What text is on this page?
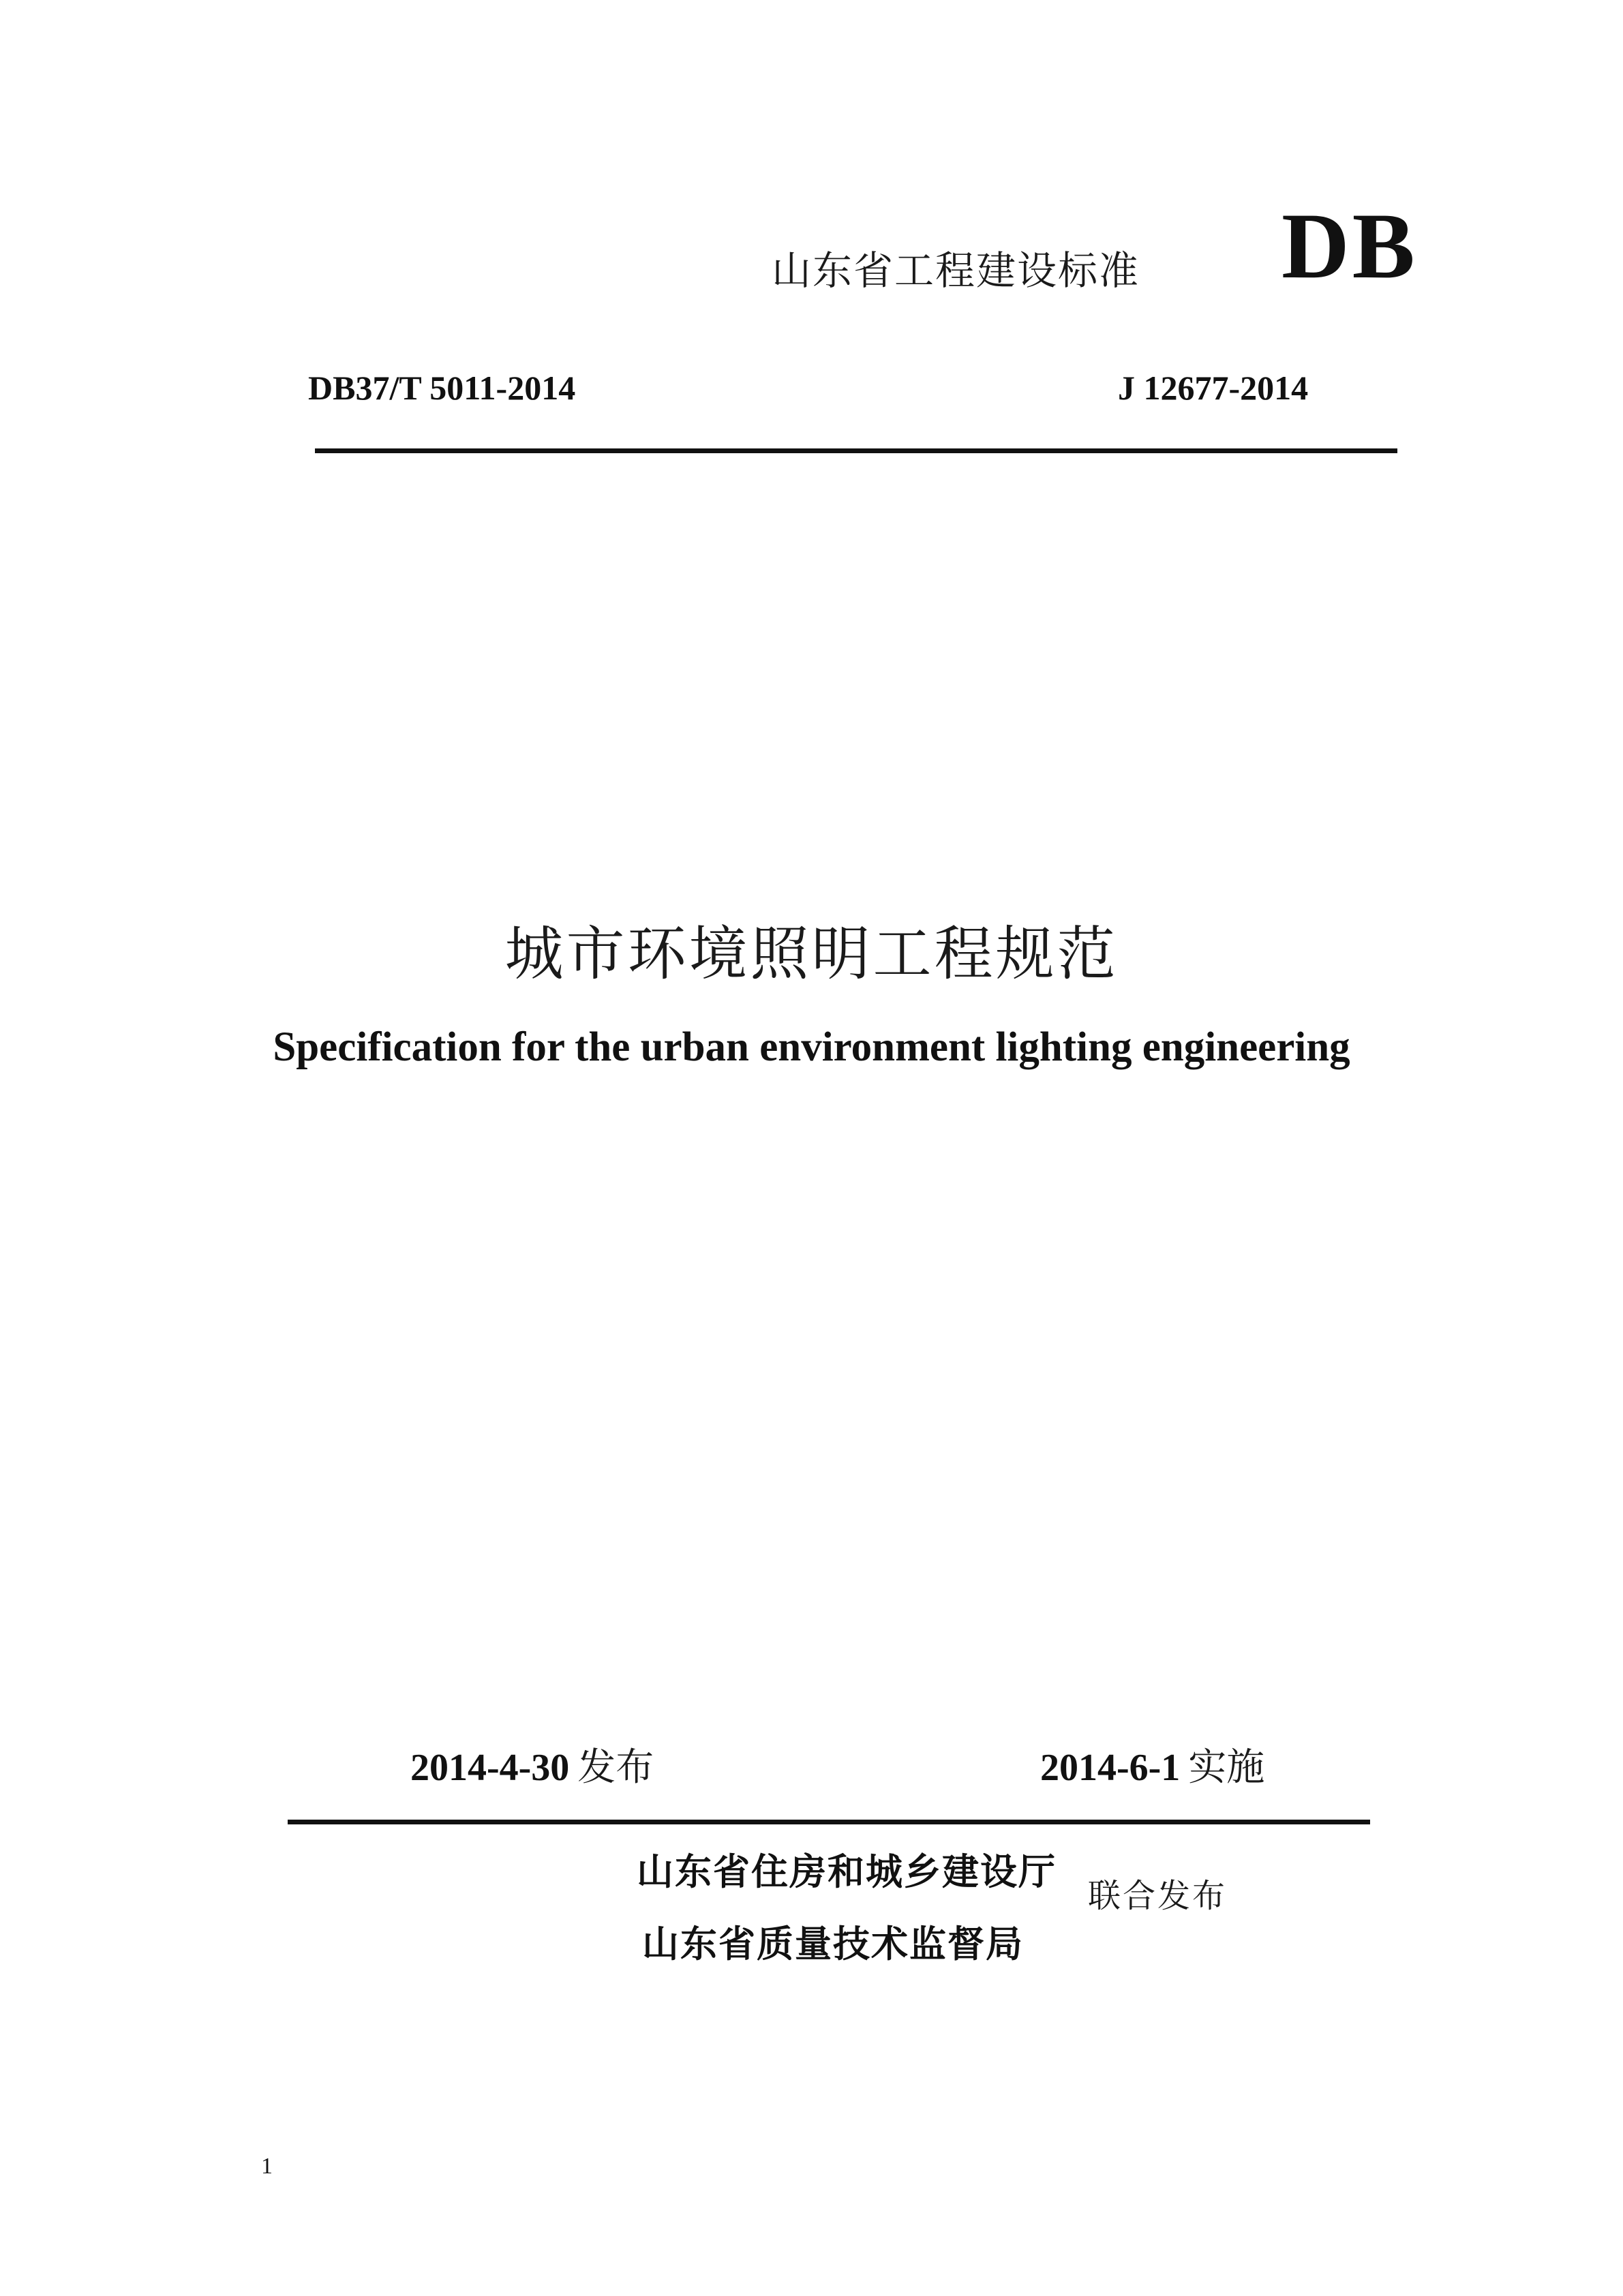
山东省工程建设标准 DB
DB37/T 5011-2014	J 12677-2014
城市环境照明工程规范
Specification for the urban environment lighting engineering
2014-4-30 发布	2014-6-1 实施
山东省住房和城乡建设厅
山东省质量技术监督局
联合发布
1
